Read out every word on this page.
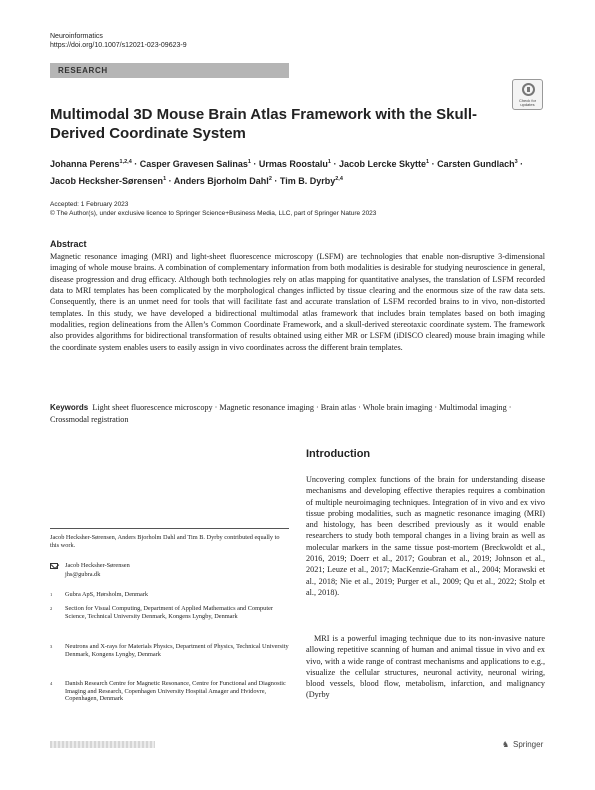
Neuroinformatics
https://doi.org/10.1007/s12021-023-09623-9
RESEARCH
Check for updates
Multimodal 3D Mouse Brain Atlas Framework with the Skull-Derived Coordinate System
Johanna Perens$^{1,2,4}$ · Casper Gravesen Salinas$^1$ · Urmas Roostalu$^1$ · Jacob Lercke Skytte$^1$ · Carsten Gundlach$^3$ ·
Jacob Hecksher-Sørensen$^1$ · Anders Bjorholm Dahl$^2$ · Tim B. Dyrby$^{2,4}$
Accepted: 1 February 2023
© The Author(s), under exclusive licence to Springer Science+Business Media, LLC, part of Springer Nature 2023
Abstract
Magnetic resonance imaging (MRI) and light-sheet fluorescence microscopy (LSFM) are technologies that enable non-disruptive 3-dimensional imaging of whole mouse brains. A combination of complementary information from both modalities is desirable for studying neuroscience in general, disease progression and drug efficacy. Although both technologies rely on atlas mapping for quantitative analyses, the translation of LSFM recorded data to MRI templates has been complicated by the morphological changes inflicted by tissue clearing and the enormous size of the raw data sets. Consequently, there is an unmet need for tools that will facilitate fast and accurate translation of LSFM recorded brains to in vivo, non-distorted templates. In this study, we have developed a bidirectional multimodal atlas framework that includes brain templates based on both imaging modalities, region delineations from the Allen’s Common Coordinate Framework, and a skull-derived stereotaxic coordinate system. The framework also provides algorithms for bidirectional transformation of results obtained using either MR or LSFM (iDISCO cleared) mouse brain imaging while the coordinate system enables users to easily assign in vivo coordinates across the different brain templates.
Keywords Light sheet fluorescence microscopy · Magnetic resonance imaging · Brain atlas · Whole brain imaging · Multimodal imaging · Crossmodal registration
Introduction
Uncovering complex functions of the brain for understanding disease mechanisms and developing effective therapies requires a combination of multiple neuroimaging techniques. Integration of in vivo and ex vivo tissue probing modalities, such as magnetic resonance imaging (MRI) and histology, has been described previously as it would enable researchers to study both temporal changes in a living brain as well as molecular markers in the same tissue post-mortem (Breckwoldt et al., 2016, 2019; Doerr et al., 2017; Goubran et al., 2019; Johnson et al., 2021; Leuze et al., 2017; MacKenzie-Graham et al., 2004; Morawski et al., 2018; Nie et al., 2019; Purger et al., 2009; Qu et al., 2022; Stolp et al., 2018).
MRI is a powerful imaging technique due to its non-invasive nature allowing repetitive scanning of human and animal tissue in vivo and ex vivo, with a wide range of contrast mechanisms and applications to e.g., visualize the cellular structures, neuronal activity, neuronal wiring, blood vessels, blood flow, metabolism, infarction, and malignancy (Dyrby
Jacob Hecksher-Sørensen, Anders Bjorholm Dahl and Tim B. Dyrby contributed equally to this work.
Jacob Hecksher-Sørensen
jhs@gubra.dk
1 Gubra ApS, Hørsholm, Denmark
2 Section for Visual Computing, Department of Applied Mathematics and Computer Science, Technical University Denmark, Kongens Lyngby, Denmark
3 Neutrons and X-rays for Materials Physics, Department of Physics, Technical University Denmark, Kongens Lyngby, Denmark
4 Danish Research Centre for Magnetic Resonance, Centre for Functional and Diagnostic Imaging and Research, Copenhagen University Hospital Amager and Hvidovre, Copenhagen, Denmark
♞ Springer
